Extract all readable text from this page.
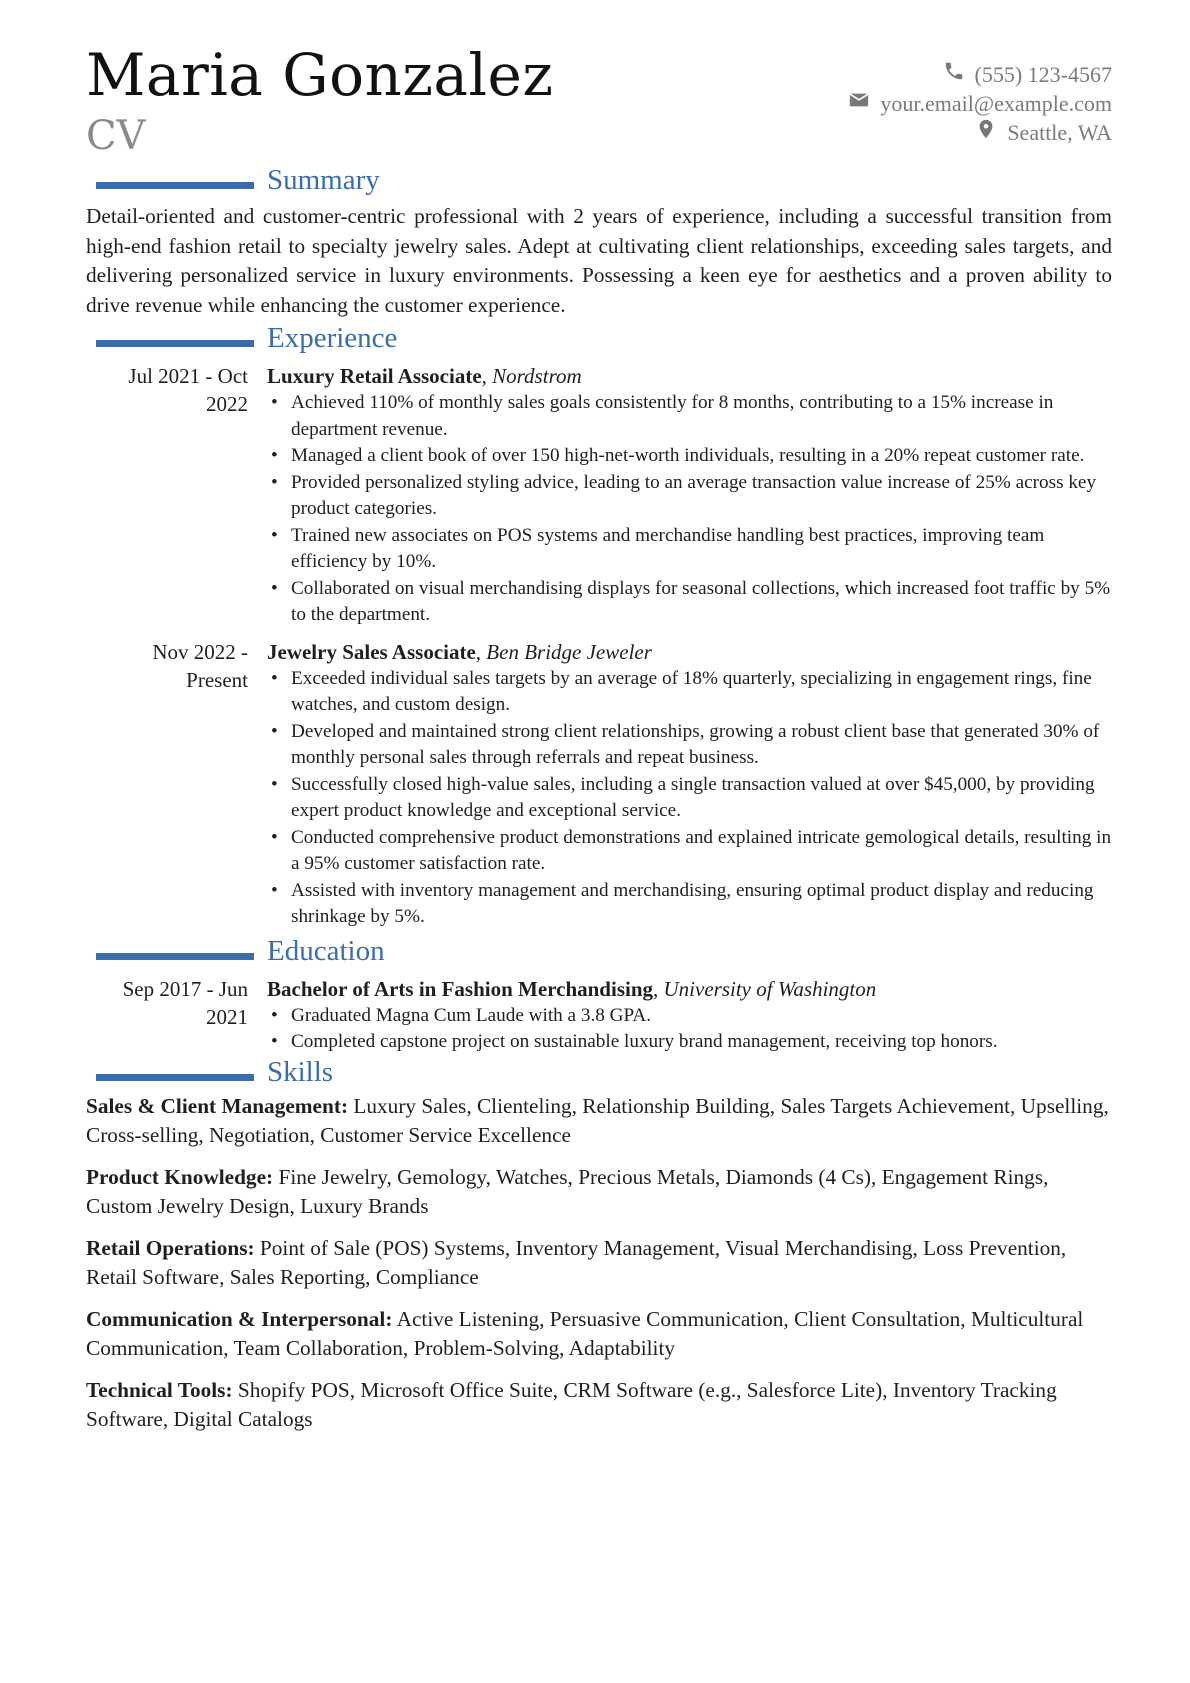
Maria Gonzalez
CV
(555) 123-4567
your.email@example.com
Seattle, WA
Summary
Detail-oriented and customer-centric professional with 2 years of experience, including a successful transition from high-end fashion retail to specialty jewelry sales. Adept at cultivating client relationships, exceeding sales targets, and delivering personalized service in luxury environments. Possessing a keen eye for aesthetics and a proven ability to drive revenue while enhancing the customer experience.
Experience
Jul 2021 - Oct
2022
Luxury Retail Associate, Nordstrom
• Achieved 110% of monthly sales goals consistently for 8 months, contributing to a 15% increase in department revenue.
• Managed a client book of over 150 high-net-worth individuals, resulting in a 20% repeat customer rate.
• Provided personalized styling advice, leading to an average transaction value increase of 25% across key product categories.
• Trained new associates on POS systems and merchandise handling best practices, improving team efficiency by 10%.
• Collaborated on visual merchandising displays for seasonal collections, which increased foot traffic by 5% to the department.
Nov 2022 -
Present
Jewelry Sales Associate, Ben Bridge Jeweler
• Exceeded individual sales targets by an average of 18% quarterly, specializing in engagement rings, fine watches, and custom design.
• Developed and maintained strong client relationships, growing a robust client base that generated 30% of monthly personal sales through referrals and repeat business.
• Successfully closed high-value sales, including a single transaction valued at over $45,000, by providing expert product knowledge and exceptional service.
• Conducted comprehensive product demonstrations and explained intricate gemological details, resulting in a 95% customer satisfaction rate.
• Assisted with inventory management and merchandising, ensuring optimal product display and reducing shrinkage by 5%.
Education
Sep 2017 - Jun
2021
Bachelor of Arts in Fashion Merchandising, University of Washington
• Graduated Magna Cum Laude with a 3.8 GPA.
• Completed capstone project on sustainable luxury brand management, receiving top honors.
Skills
Sales & Client Management: Luxury Sales, Clienteling, Relationship Building, Sales Targets Achievement, Upselling, Cross-selling, Negotiation, Customer Service Excellence
Product Knowledge: Fine Jewelry, Gemology, Watches, Precious Metals, Diamonds (4 Cs), Engagement Rings, Custom Jewelry Design, Luxury Brands
Retail Operations: Point of Sale (POS) Systems, Inventory Management, Visual Merchandising, Loss Prevention, Retail Software, Sales Reporting, Compliance
Communication & Interpersonal: Active Listening, Persuasive Communication, Client Consultation, Multicultural Communication, Team Collaboration, Problem-Solving, Adaptability
Technical Tools: Shopify POS, Microsoft Office Suite, CRM Software (e.g., Salesforce Lite), Inventory Tracking Software, Digital Catalogs
